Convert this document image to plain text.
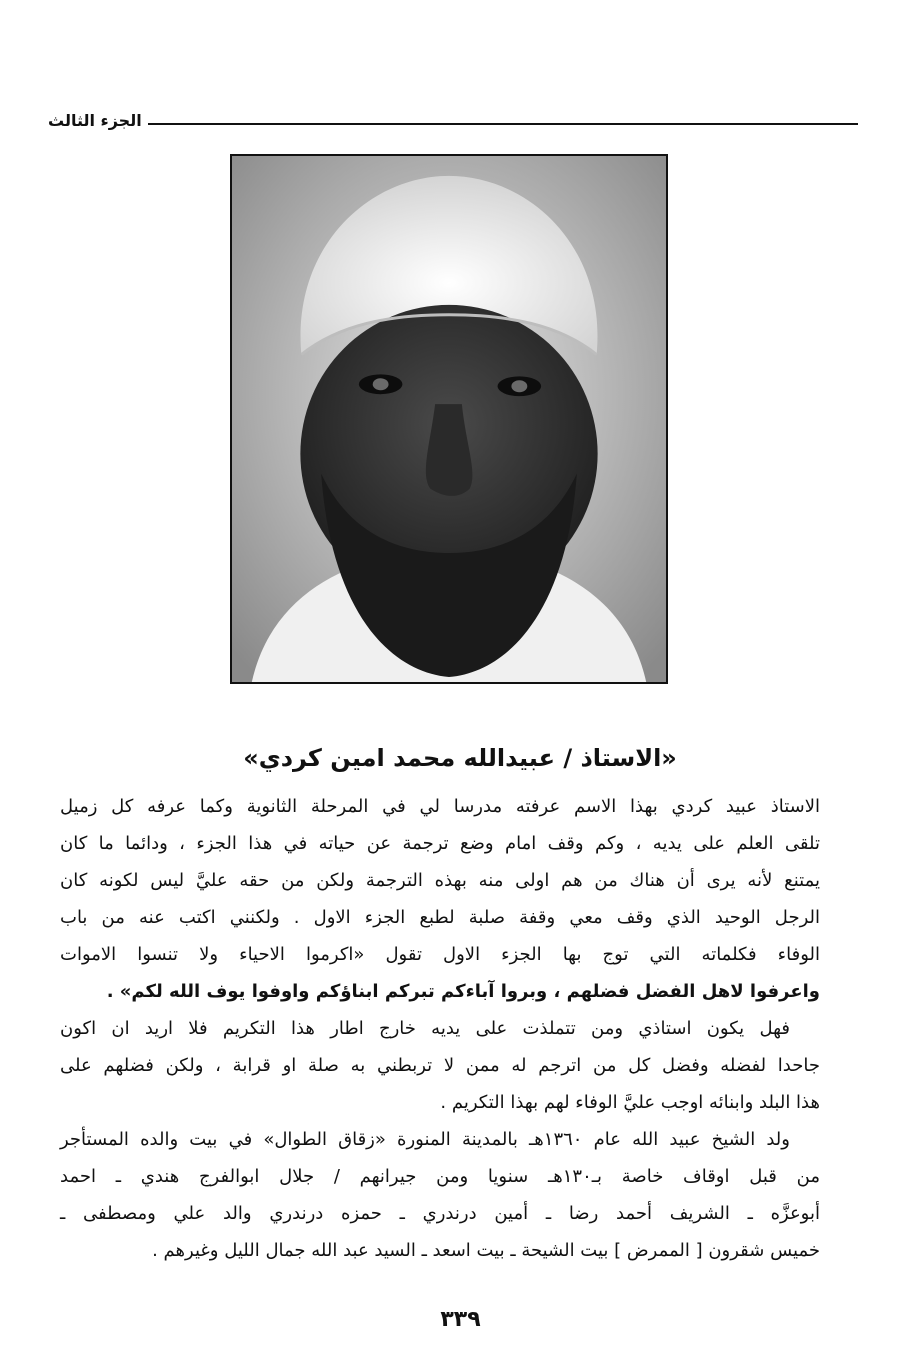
الجزء الثالث
«الاستاذ / عبيدالله محمد امين كردي»
الاستاذ عبيد كردي بهذا الاسم عرفته مدرسا لي في المرحلة الثانوية وكما عرفه كل زميل
تلقى العلم على يديه ، وكم وقف امام وضع ترجمة عن حياته في هذا الجزء ، ودائما ما كان
يمتنع لأنه يرى أن هناك من هم اولى منه بهذه الترجمة ولكن من حقه عليَّ ليس لكونه كان
الرجل الوحيد الذي وقف معي وقفة صلبة لطبع الجزء الاول . ولكنني اكتب عنه من باب
الوفاء فكلماته التي توج بها الجزء الاول تقول «اكرموا الاحياء ولا تنسوا الاموات
واعرفوا لاهل الفضل فضلهم ، وبروا آباءكم تبركم ابناؤكم واوفوا يوف الله لكم» .
فهل يكون استاذي ومن تتملذت على يديه خارج اطار هذا التكريم فلا اريد ان اكون
جاحدا لفضله وفضل كل من اترجم له ممن لا تربطني به صلة او قرابة ، ولكن فضلهم على
هذا البلد وابنائه اوجب عليَّ الوفاء لهم بهذا التكريم .
ولد الشيخ عبيد الله عام ١٣٦٠هـ بالمدينة المنورة «زقاق الطوال» في بيت والده المستأجر
من قبل اوقاف خاصة بـ١٣٠هـ سنويا ومن جيرانهم / جلال ابوالفرج هندي ـ احمد
أبوعزَّه ـ الشريف أحمد رضا ـ أمين درندري ـ حمزه درندري والد علي ومصطفى ـ
خميس شقرون [ الممرض ] بيت الشيحة ـ بيت اسعد ـ السيد عبد الله جمال الليل وغيرهم .
٣٣٩
